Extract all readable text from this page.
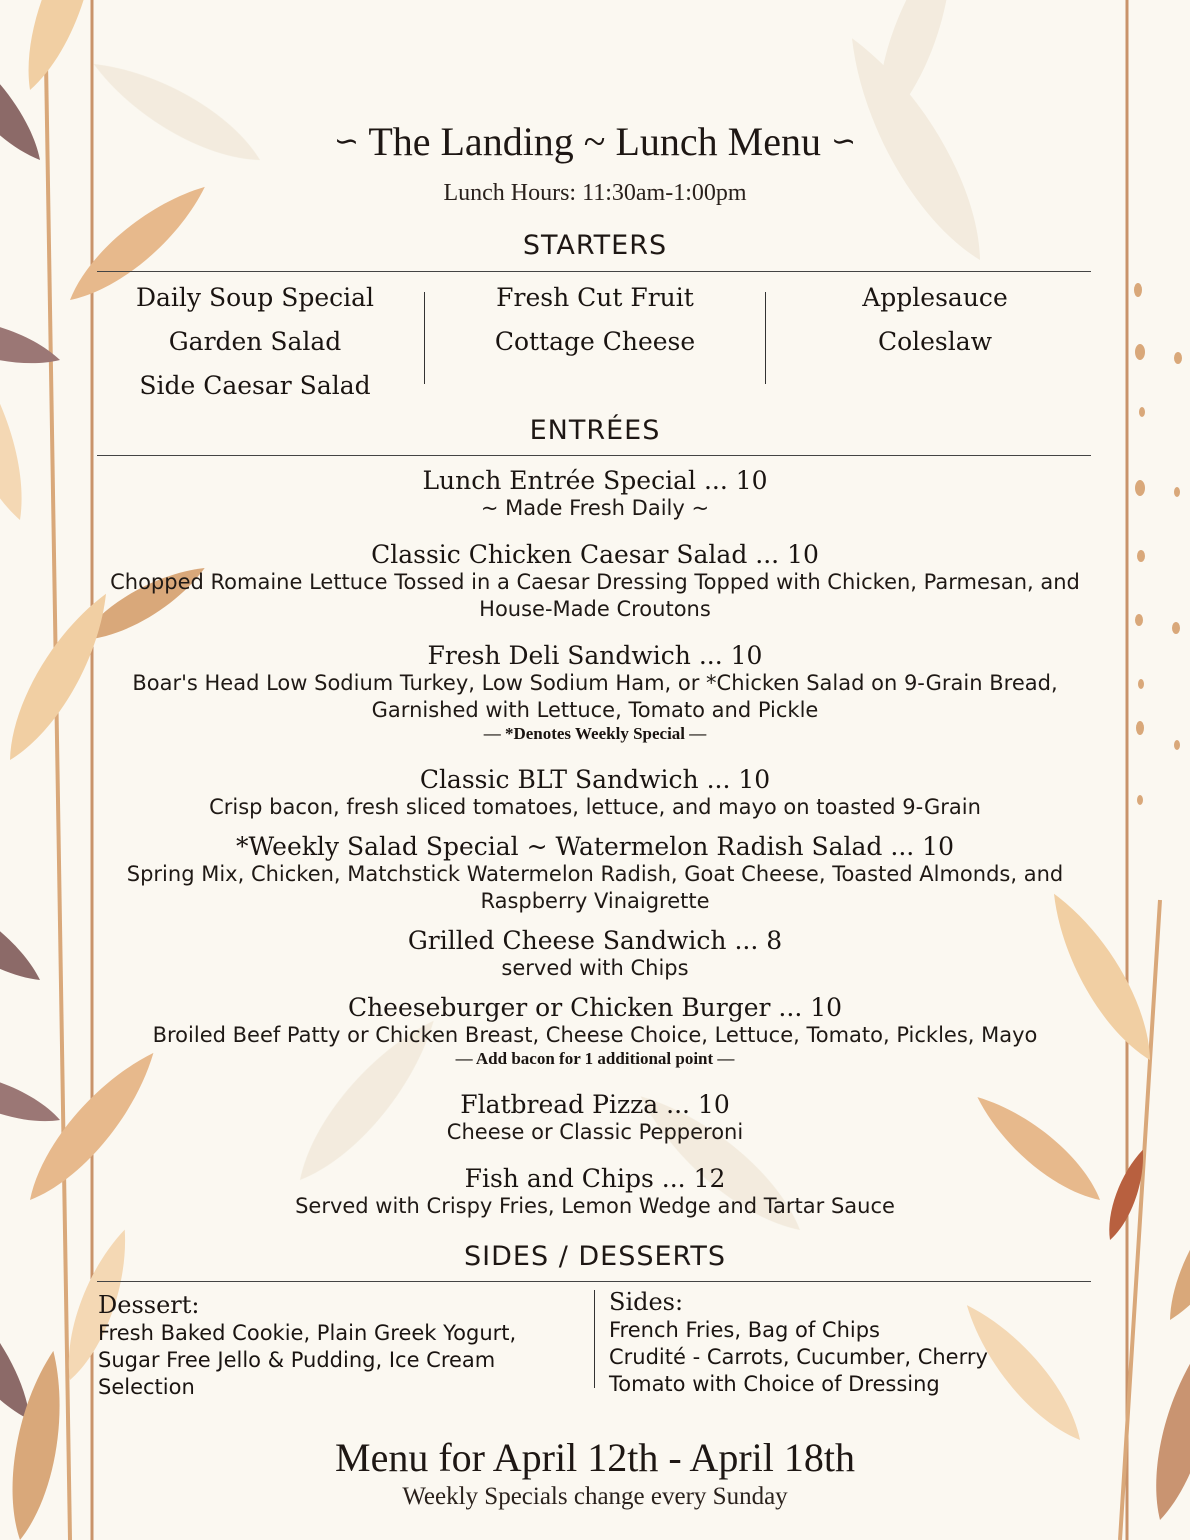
∽ The Landing ~ Lunch Menu ∽
Lunch Hours: 11:30am-1:00pm
STARTERS
Daily Soup Special
Garden Salad
Side Caesar Salad
Fresh Cut Fruit
Cottage Cheese
Applesauce
Coleslaw
ENTRÉES
Lunch Entrée Special ... 10
~ Made Fresh Daily ~
Classic Chicken Caesar Salad ... 10
Chopped Romaine Lettuce Tossed in a Caesar Dressing Topped with Chicken, Parmesan, and House-Made Croutons
Fresh Deli Sandwich ... 10
Boar's Head Low Sodium Turkey, Low Sodium Ham, or *Chicken Salad on 9-Grain Bread, Garnished with Lettuce, Tomato and Pickle
— *Denotes Weekly Special —
Classic BLT Sandwich ... 10
Crisp bacon, fresh sliced tomatoes, lettuce, and mayo on toasted 9-Grain
*Weekly Salad Special ~ Watermelon Radish Salad ... 10
Spring Mix, Chicken, Matchstick Watermelon Radish, Goat Cheese, Toasted Almonds, and Raspberry Vinaigrette
Grilled Cheese Sandwich ... 8
served with Chips
Cheeseburger or Chicken Burger ... 10
Broiled Beef Patty or Chicken Breast, Cheese Choice, Lettuce, Tomato, Pickles, Mayo
— Add bacon for 1 additional point —
Flatbread Pizza ... 10
Cheese or Classic Pepperoni
Fish and Chips ... 12
Served with Crispy Fries, Lemon Wedge and Tartar Sauce
SIDES / DESSERTS
Dessert:
Fresh Baked Cookie, Plain Greek Yogurt, Sugar Free Jello & Pudding, Ice Cream Selection
Sides:
French Fries, Bag of Chips
Crudité - Carrots, Cucumber, Cherry Tomato with Choice of Dressing
Menu for April 12th - April 18th
Weekly Specials change every Sunday
